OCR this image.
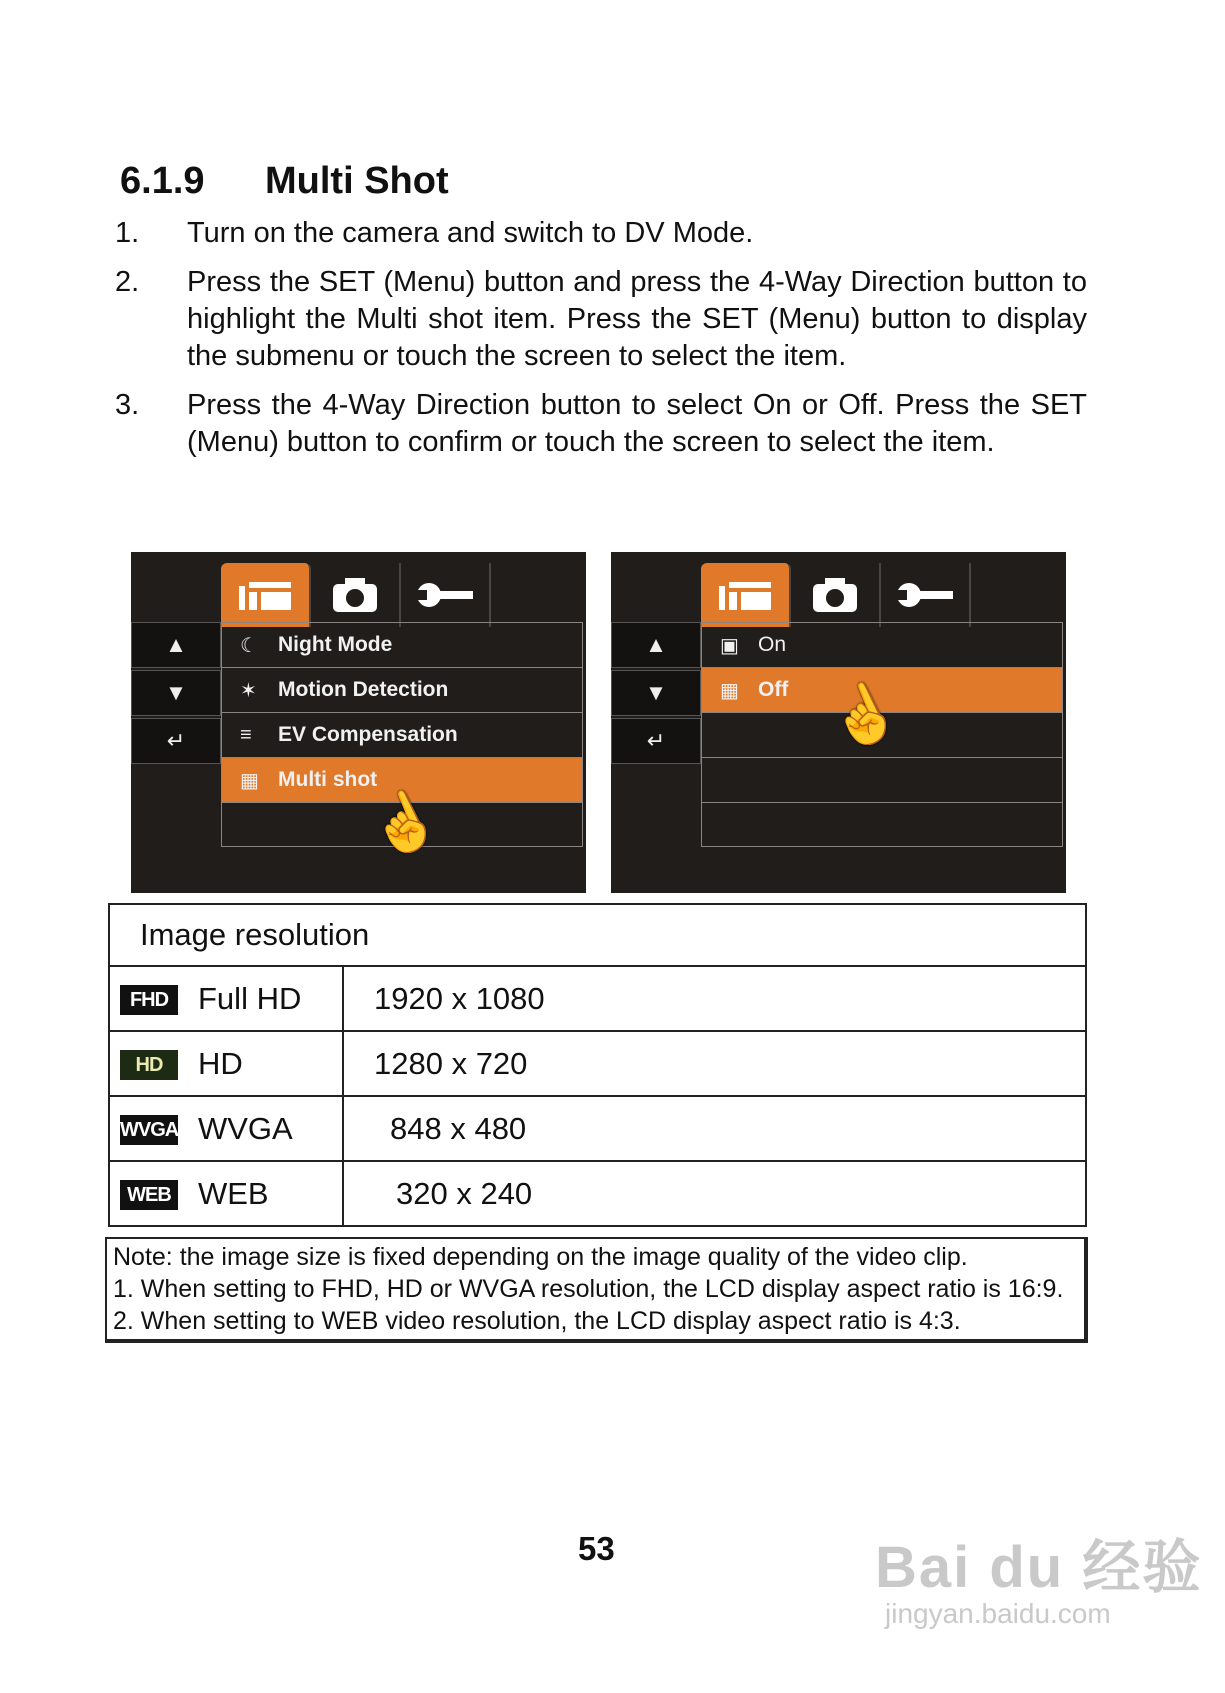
6.1.9 Multi Shot
1.	Turn on the camera and switch to DV Mode.
2.	Press the SET (Menu) button and press the 4-Way Direction button to highlight the Multi shot item. Press the SET (Menu) button to display the submenu or touch the screen to select the item.
3.	Press the 4-Way Direction button to select On or Off. Press the SET (Menu) button to confirm or touch the screen to select the item.
▲
▼
↵
☾ Night Mode
✶	Motion Detection
≡	EV Compensation
▦ Multi shot
☝
▲
▼
↵
▣ On
▦ Off ☝
Image resolution	
FHD Full HD	1920 x 1080
HD HD	1280 x 720
WVGA WVGA	848 x 480
WEB WEB	320 x 240
Note: the image size is fixed depending on the image quality of the video clip.
1. When setting to FHD, HD or WVGA resolution, the LCD display aspect ratio is 16:9.
2. When setting to WEB video resolution, the LCD display aspect ratio is 4:3.
53	Bai du 经验
jingyan.baidu.com
